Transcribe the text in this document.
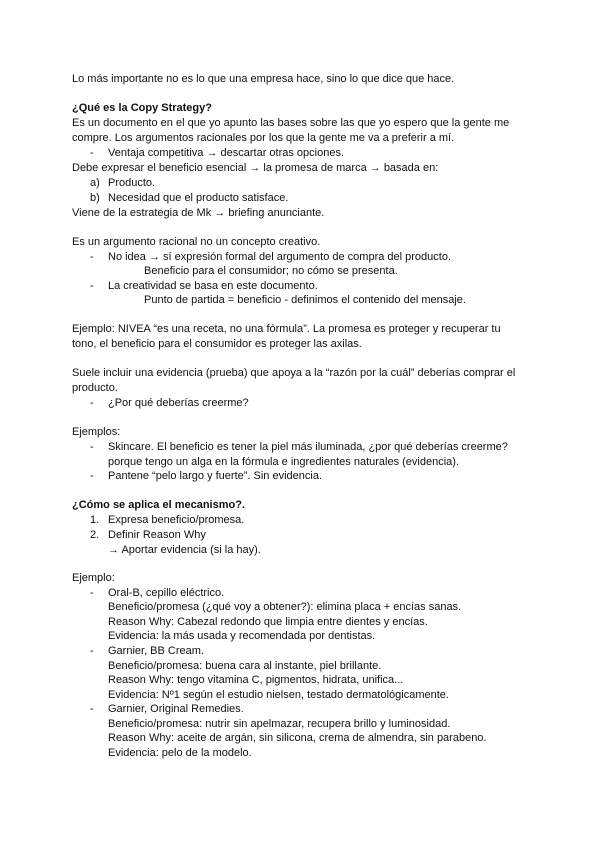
Lo más importante no es lo que una empresa hace, sino lo que dice que hace.
¿Qué es la Copy Strategy?
Es un documento en el que yo apunto las bases sobre las que yo espero que la gente me
compre. Los argumentos racionales por los que la gente me va a preferir a mí.
- Ventaja competitiva → descartar otras opciones.
Debe expresar el beneficio esencial → la promesa de marca → basada en:
a) Producto.
b) Necesidad que el producto satisface.
Viene de la estrategia de Mk → briefing anunciante.
Es un argumento racional no un concepto creativo.
- No idea → sí expresión formal del argumento de compra del producto.
Beneficio para el consumidor; no cómo se presenta.
- La creatividad se basa en este documento.
Punto de partida = beneficio - definimos el contenido del mensaje.
Ejemplo: NIVEA “es una receta, no una fórmula”. La promesa es proteger y recuperar tu
tono, el beneficio para el consumidor es proteger las axilas.
Suele incluir una evidencia (prueba) que apoya a la “razón por la cuál” deberías comprar el
producto.
- ¿Por qué deberías creerme?
Ejemplos:
- Skincare. El beneficio es tener la piel más iluminada, ¿por qué deberías creerme?
porque tengo un alga en la fórmula e ingredientes naturales (evidencia).
- Pantene “pelo largo y fuerte”. Sin evidencia.
¿Cómo se aplica el mecanismo?.
1. Expresa beneficio/promesa.
2. Definir Reason Why
→ Aportar evidencia (si la hay).
Ejemplo:
- Oral-B, cepillo eléctrico.
Beneficio/promesa (¿qué voy a obtener?): elimina placa + encías sanas.
Reason Why: Cabezal redondo que limpia entre dientes y encías.
Evidencia: la más usada y recomendada por dentistas.
- Garnier, BB Cream.
Beneficio/promesa: buena cara al instante, piel brillante.
Reason Why: tengo vitamina C, pigmentos, hidrata, unifica...
Evidencia: Nº1 según el estudio nielsen, testado dermatológicamente.
- Garnier, Original Remedies.
Beneficio/promesa: nutrir sin apelmazar, recupera brillo y luminosidad.
Reason Why: aceite de argán, sin silicona, crema de almendra, sin parabeno.
Evidencia: pelo de la modelo.
